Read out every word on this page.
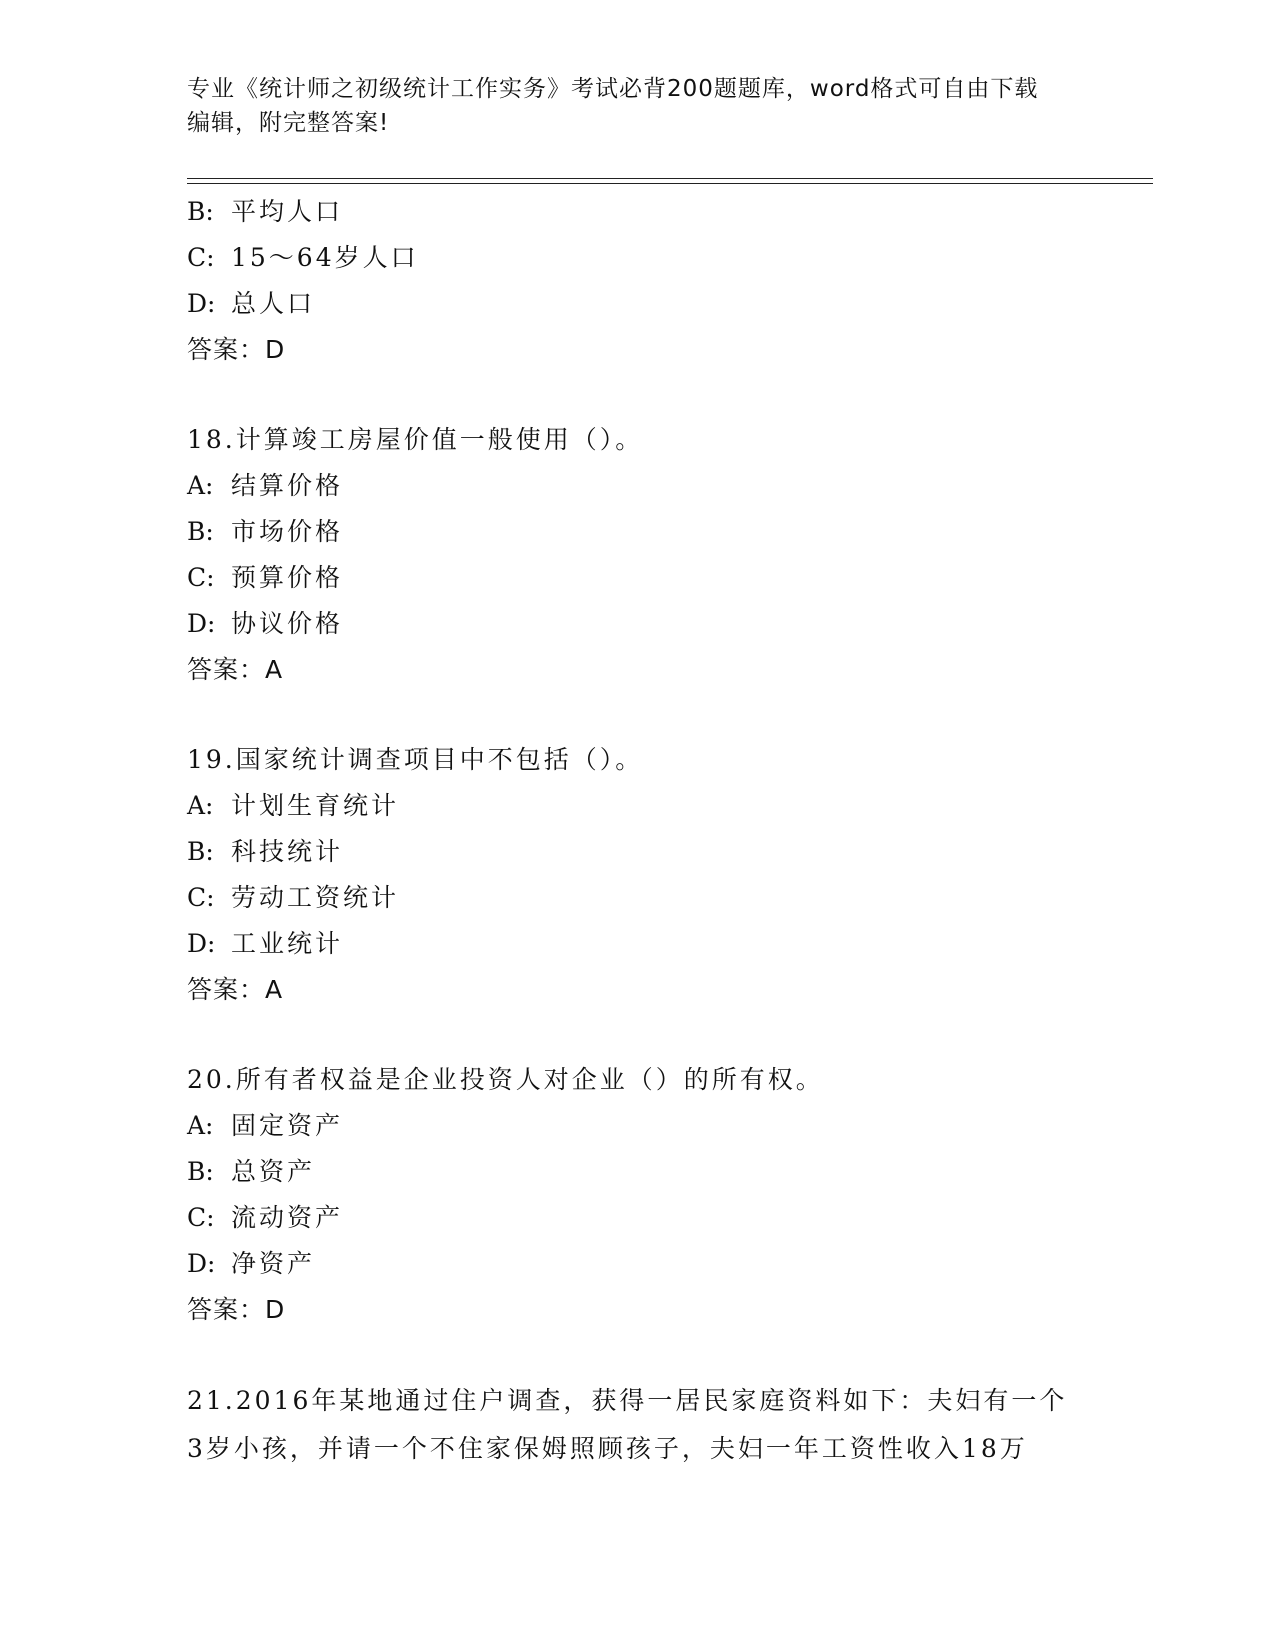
专业《统计师之初级统计工作实务》考试必背200题题库，word格式可自由下载
编辑，附完整答案!
B: 平均人口
C: 15～64岁人口
D: 总人口
答案：D
18.计算竣工房屋价值一般使用（）。
A: 结算价格
B: 市场价格
C: 预算价格
D: 协议价格
答案：A
19.国家统计调查项目中不包括（）。
A: 计划生育统计
B: 科技统计
C: 劳动工资统计
D: 工业统计
答案：A
20.所有者权益是企业投资人对企业（）的所有权。
A: 固定资产
B: 总资产
C: 流动资产
D: 净资产
答案：D
21.2016年某地通过住户调查，获得一居民家庭资料如下：夫妇有一个
3岁小孩，并请一个不住家保姆照顾孩子，夫妇一年工资性收入18万
